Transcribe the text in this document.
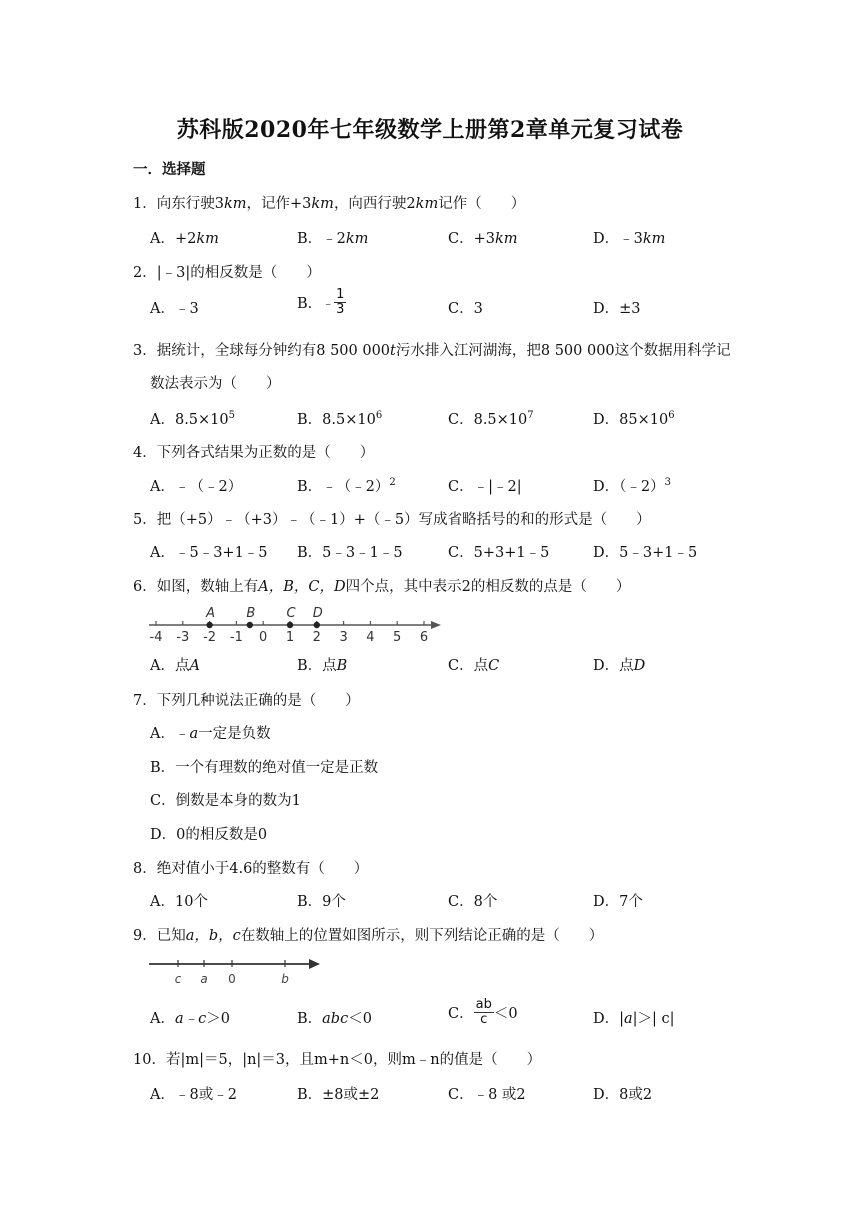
苏科版2020年七年级数学上册第2章单元复习试卷
一．选择题
1．向东行驶3km，记作+3km，向西行驶2km记作（　　）
A．+2km	B．﹣2km	C．+3km	D．﹣3km
2．|﹣3|的相反数是（　　）
A．﹣3	B．﹣ $\frac{1}{3}$	C．3	D．±3
3．据统计，全球每分钟约有8 500 000t污水排入江河湖海，把8 500 000这个数据用科学记
数法表示为（　　）
A．$8.5\times 10^5$	B．$8.5\times 10^6$	C．$8.5\times 10^7$	D．$85\times 10^6$
4．下列各式结果为正数的是（　　）
A．﹣（﹣2）	B．﹣（﹣2）$^2$	C．﹣|﹣2|	D．（﹣2）$^3$
5．把（+5）﹣（+3）﹣（﹣1）+（﹣5）写成省略括号的和的形式是（　　）
A．﹣5﹣3+1﹣5 B．5﹣3﹣1﹣5	C．5+3+1﹣5	D．5﹣3+1﹣5
6．如图，数轴上有A，B，C，D四个点，其中表示2的相反数的点是（　　）
-4 -3 -2 -1 0 1 2 3 4 5 6
A B C D
A．点A	B．点B	C．点C	D．点D
7．下列几种说法正确的是（　　）
A．﹣a一定是负数
B．一个有理数的绝对值一定是正数
C．倒数是本身的数为1
D．0的相反数是0
8．绝对值小于4.6的整数有（　　）
A．10个	B．9个	C．8个	D．7个
9．已知a，b，c在数轴上的位置如图所示，则下列结论正确的是（　　）
c a 0	b
A．a﹣c＞0	B．abc＜0	C． $\frac{ab}{c} <0$	D．|a|＞| c|
10．若|m|＝5，|n|＝3，且m+n＜0，则m﹣n的值是（　　）
A．﹣8或﹣2	B．±8或±2	C．﹣8 或2	D．8或2
